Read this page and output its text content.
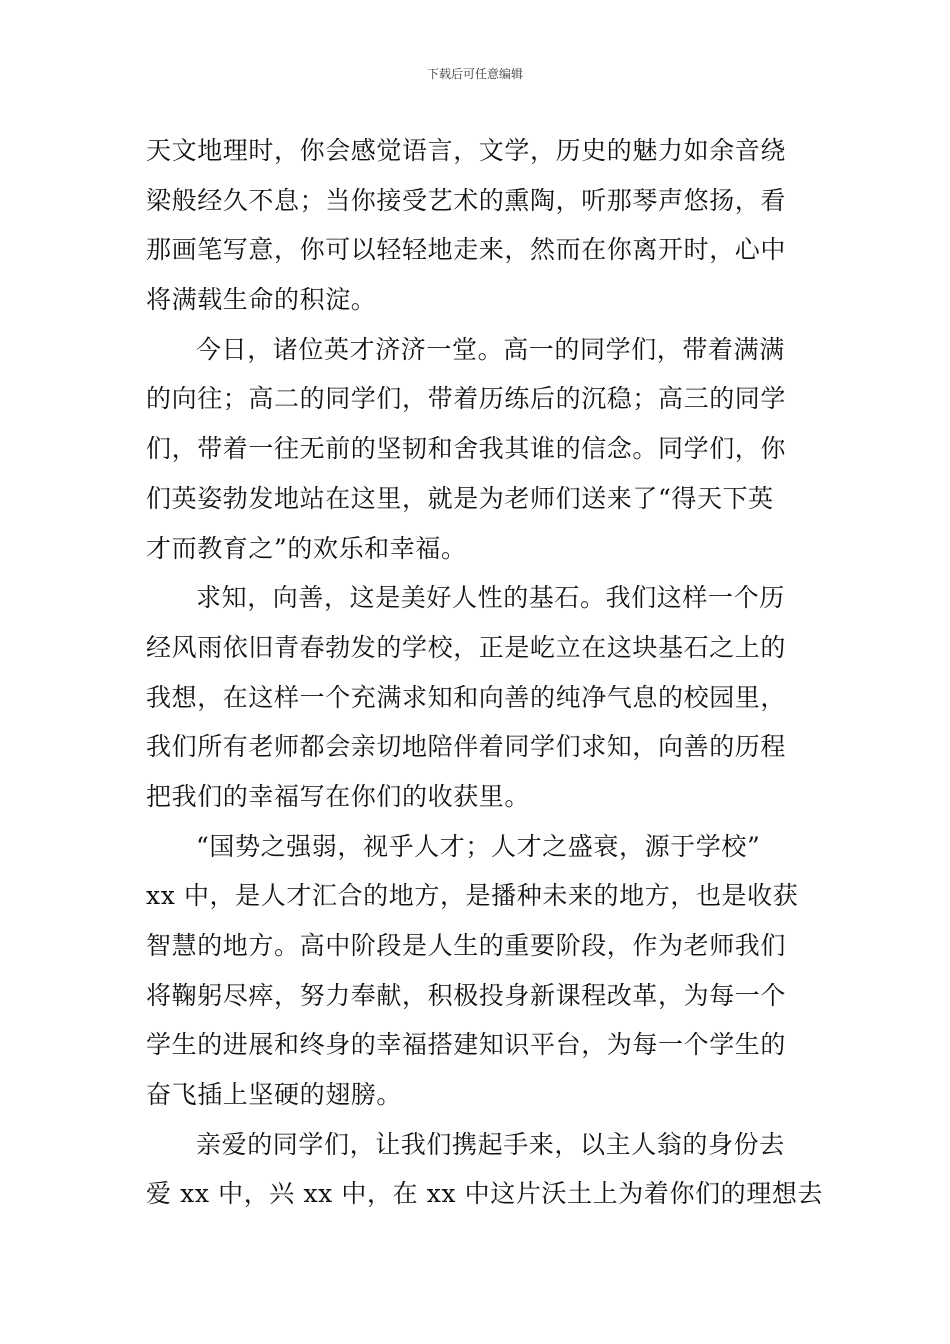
下载后可任意编辑
天文地理时，你会感觉语言，文学，历史的魅力如余音绕
梁般经久不息；当你接受艺术的熏陶，听那琴声悠扬，看
那画笔写意，你可以轻轻地走来，然而在你离开时，心中
将满载生命的积淀。
今日，诸位英才济济一堂。高一的同学们，带着满满
的向往；高二的同学们，带着历练后的沉稳；高三的同学
们，带着一往无前的坚韧和舍我其谁的信念。同学们，你
们英姿勃发地站在这里，就是为老师们送来了“得天下英
才而教育之”的欢乐和幸福。
求知，向善，这是美好人性的基石。我们这样一个历
经风雨依旧青春勃发的学校，正是屹立在这块基石之上的
我想，在这样一个充满求知和向善的纯净气息的校园里，
我们所有老师都会亲切地陪伴着同学们求知，向善的历程
把我们的幸福写在你们的收获里。
“国势之强弱，视乎人才；人才之盛衰，源于学校”
xx 中，是人才汇合的地方，是播种未来的地方，也是收获
智慧的地方。高中阶段是人生的重要阶段，作为老师我们
将鞠躬尽瘁，努力奉献，积极投身新课程改革，为每一个
学生的进展和终身的幸福搭建知识平台，为每一个学生的
奋飞插上坚硬的翅膀。
亲爱的同学们，让我们携起手来，以主人翁的身份去
爱 xx 中，兴 xx 中，在 xx 中这片沃土上为着你们的理想去
